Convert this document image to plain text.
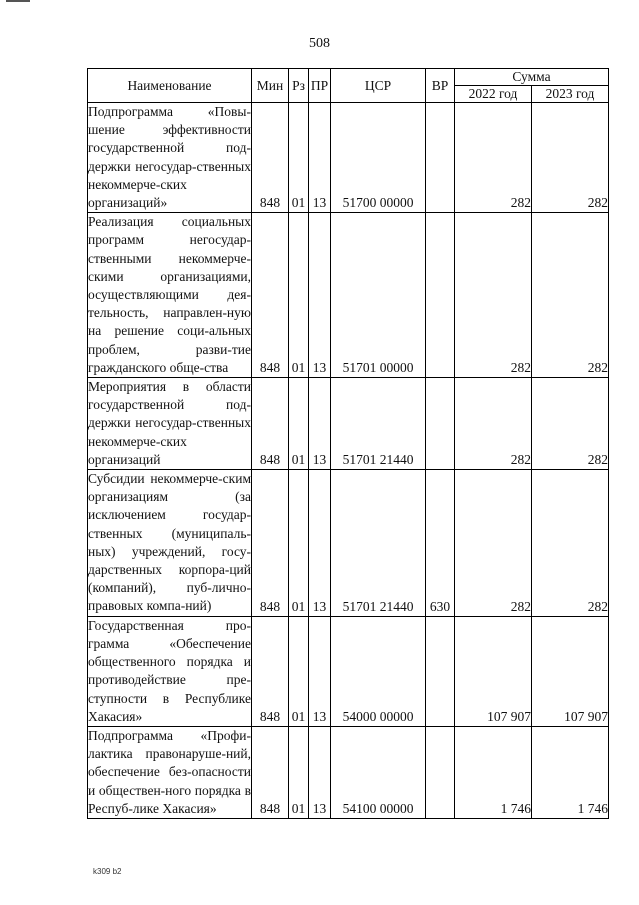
508
Наименование	Мин	Рз	ПР	ЦСР	ВР	Сумма	
						2022 год	2023 год
Подпрограмма «Повы-шение эффективности государственной под-держки негосудар-ственных некоммерче-ских организаций»	848	01	13	51700 00000		282	282
Реализация социальных программ негосудар-ственными некоммерче-скими организациями, осуществляющими дея-тельность, направлен-ную на решение соци-альных проблем, разви-тие гражданского обще-ства	848	01	13	51701 00000		282	282
Мероприятия в области государственной под-держки негосудар-ственных некоммерче-ских организаций	848	01	13	51701 21440		282	282
Субсидии некоммерче-ским организациям (за исключением государ-ственных (муниципаль-ных) учреждений, госу-дарственных корпора-ций (компаний), пуб-лично-правовых компа-ний)	848	01	13	51701 21440	630	282	282
Государственная про-грамма «Обеспечение общественного порядка и противодействие пре-ступности в Республике Хакасия»	848	01	13	54000 00000		107 907	107 907
Подпрограмма «Профи-лактика правонаруше-ний, обеспечение без-опасности и обществен-ного порядка в Респуб-лике Хакасия»	848	01	13	54100 00000		1 746	1 746
k309 b2
